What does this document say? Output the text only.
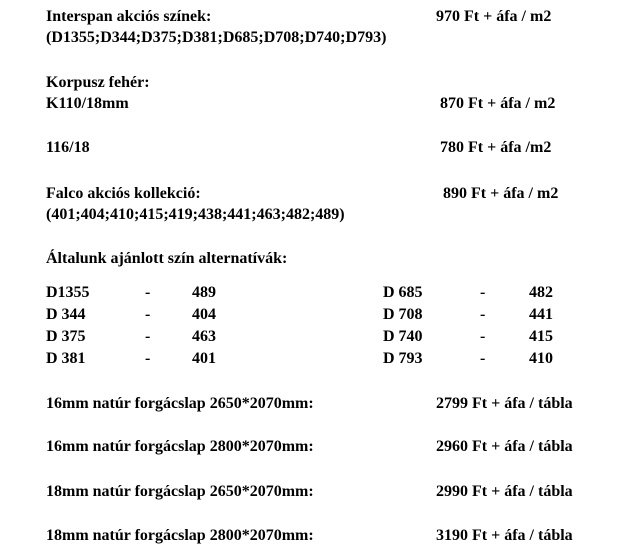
Interspan akciós színek:	970 Ft + áfa / m2
(D1355;D344;D375;D381;D685;D708;D740;D793)
Korpusz fehér:
K110/18mm	870 Ft + áfa / m2
116/18	780 Ft + áfa /m2
Falco akciós kollekció:	890 Ft + áfa / m2
(401;404;410;415;419;438;441;463;482;489)
Általunk ajánlott szín alternatívák:
D1355	-	489
D 344	-	404
D 375	-	463
D 381	-	401
D 685	-	482
D 708	-	441
D 740	-	415
D 793	-	410
16mm natúr forgácslap 2650*2070mm:	2799 Ft + áfa / tábla
16mm natúr forgácslap 2800*2070mm:	2960 Ft + áfa / tábla
18mm natúr forgácslap 2650*2070mm:	2990 Ft + áfa / tábla
18mm natúr forgácslap 2800*2070mm:	3190 Ft + áfa / tábla
